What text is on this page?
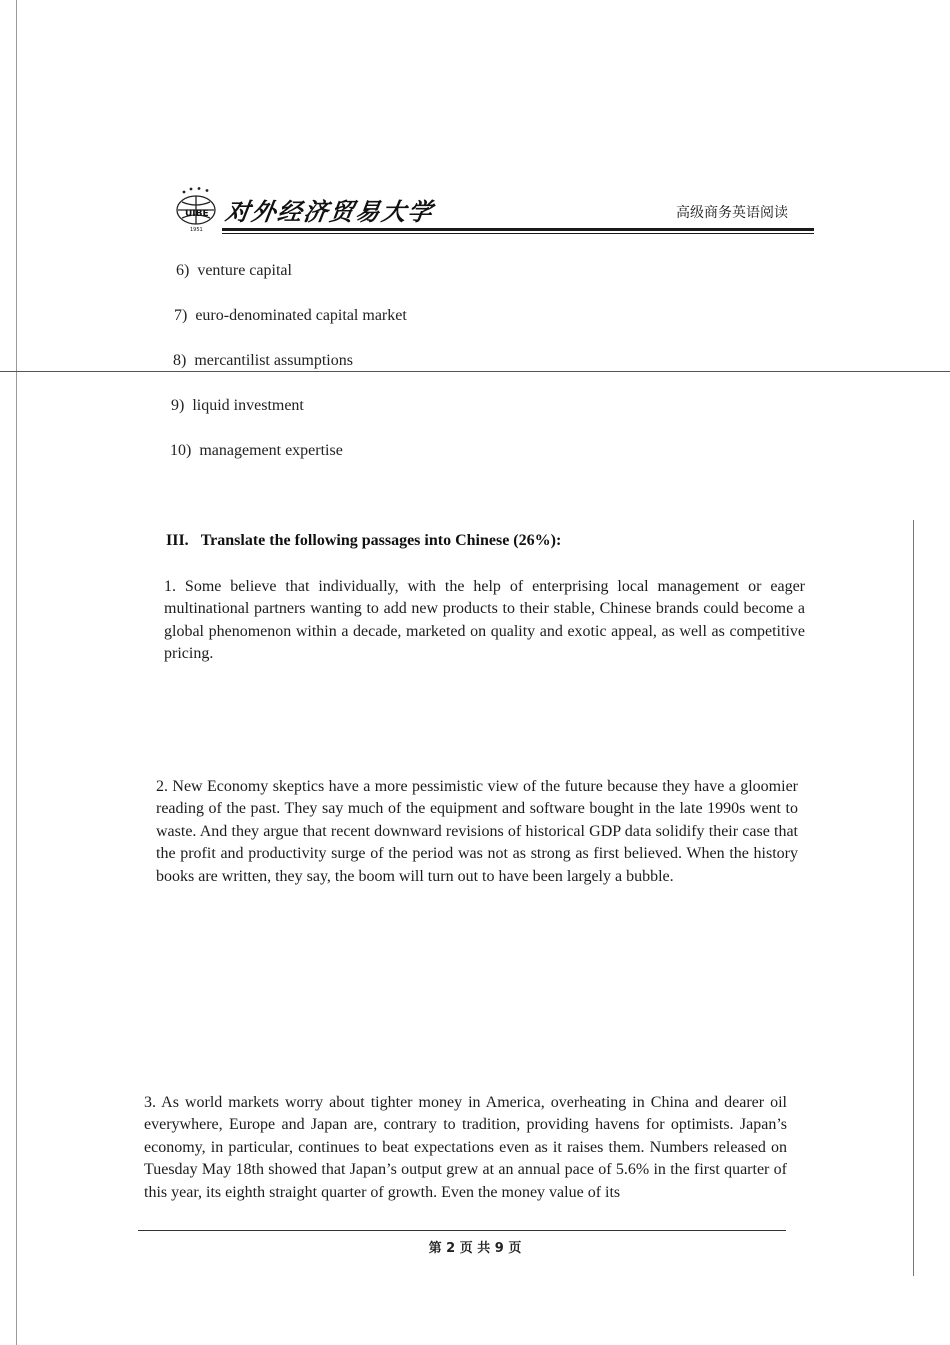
UIBE
1951
对外经济贸易大学	高级商务英语阅读
6) venture capital
7) euro-denominated capital market
8) mercantilist assumptions
9) liquid investment
10) management expertise
III. Translate the following passages into Chinese (26%):

1. Some believe that individually, with the help of enterprising local management or eager multinational partners wanting to add new products to their stable, Chinese brands could become a global phenomenon within a decade, marketed on quality and exotic appeal, as well as competitive pricing.

2. New Economy skeptics have a more pessimistic view of the future because they have a gloomier reading of the past. They say much of the equipment and software bought in the late 1990s went to waste. And they argue that recent downward revisions of historical GDP data solidify their case that the profit and productivity surge of the period was not as strong as first believed. When the history books are written, they say, the boom will turn out to have been largely a bubble.

3. As world markets worry about tighter money in America, overheating in China and dearer oil everywhere, Europe and Japan are, contrary to tradition, providing havens for optimists. Japan’s economy, in particular, continues to beat expectations even as it raises them. Numbers released on Tuesday May 18th showed that Japan’s output grew at an annual pace of 5.6% in the first quarter of this year, its eighth straight quarter of growth. Even the money value of its

第 2 页 共 9 页
